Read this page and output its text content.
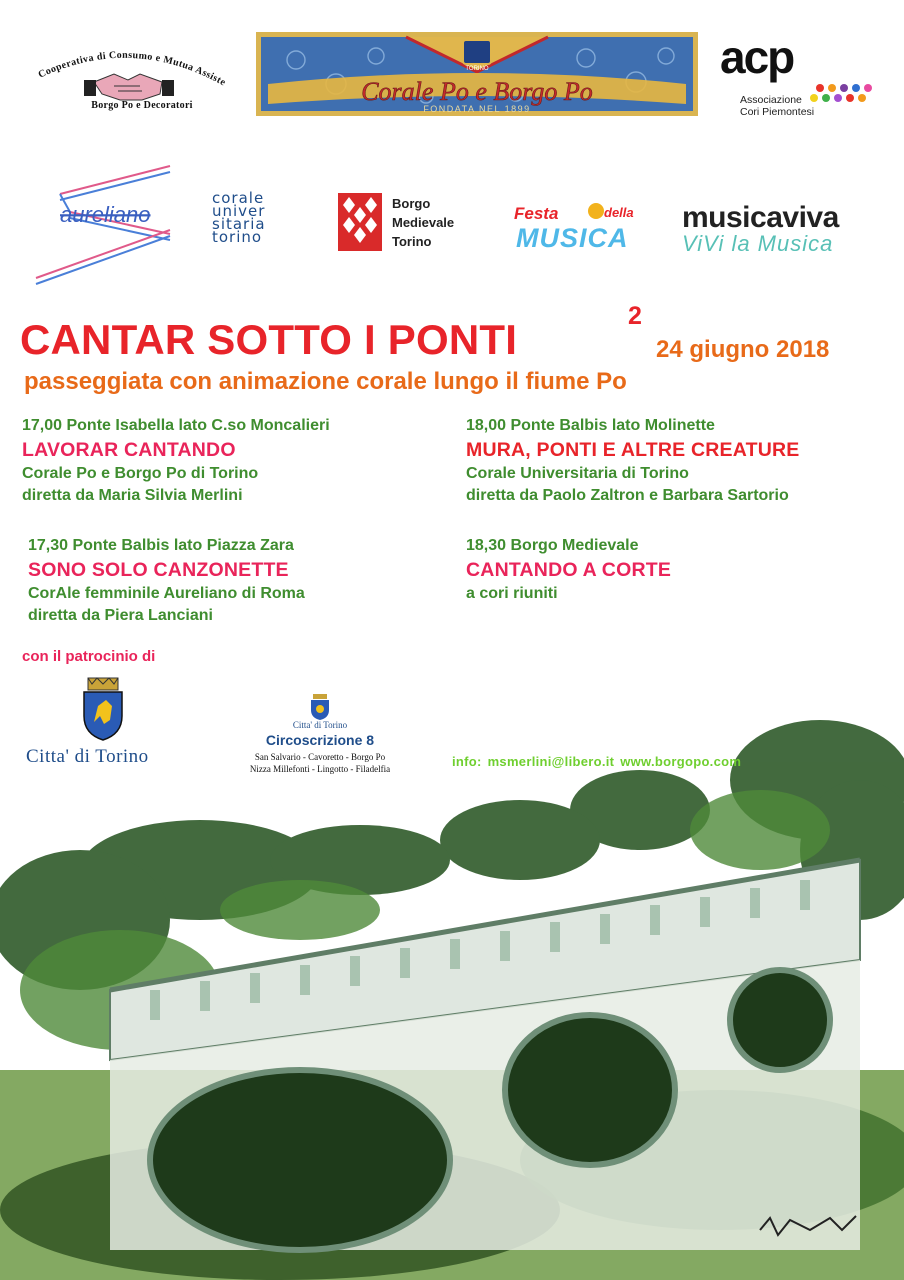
Cooperativa di Consumo e Mutua Assiste
Borgo Po e Decoratori
TORINO
Corale Po e Borgo Po
FONDATA NEL 1899
acp
Associazione
Cori Piemontesi
aureliano
corale
univer
sitaria
torino
Borgo
Medievale
Torino
Festa	della
MUSICA
musicaviva
ViVi la Musica
CANTAR SOTTO I PONTI	2
24 giugno 2018
passeggiata con animazione corale lungo il fiume Po
17,00 Ponte Isabella lato C.so Moncalieri
LAVORAR CANTANDO
Corale Po e Borgo Po di Torino
diretta da Maria Silvia Merlini
18,00 Ponte Balbis lato Molinette
MURA, PONTI E ALTRE CREATURE
Corale Universitaria di Torino
diretta da Paolo Zaltron e Barbara Sartorio
17,30 Ponte Balbis lato Piazza Zara
SONO SOLO CANZONETTE
CorAle femminile Aureliano di Roma
diretta da Piera Lanciani
18,30 Borgo Medievale
CANTANDO A CORTE
a cori riuniti
con il patrocinio di
Citta' di Torino
Citta' di Torino
Circoscrizione 8
San Salvario - Cavoretto - Borgo Po
Nizza Millefonti - Lingotto - Filadelfia	info: msmerlini@libero.it www.borgopo.com
